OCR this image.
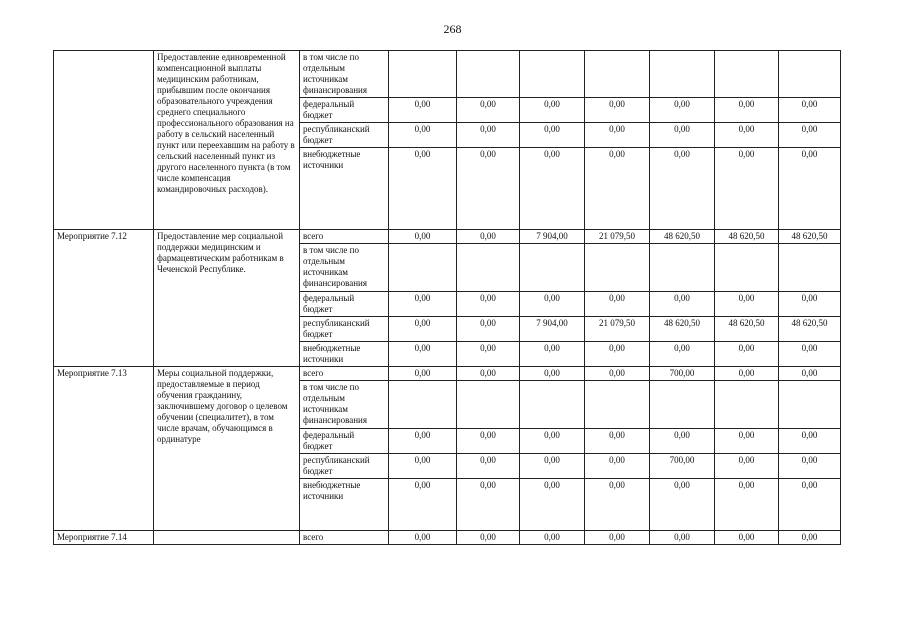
268
	Предоставление единовременной компенсационной выплаты медицинским работникам, прибывшим после окончания образовательного учреждения среднего специального профессионального образования на работу в сельский населенный пункт или переехавшим на работу в сельский населенный пункт из другого населенного пункта (в том числе компенсация командировочных расходов).	в том числе по отдельным источникам финансирования							
		федеральный бюджет	0,00	0,00	0,00	0,00	0,00	0,00	0,00
		республиканский бюджет	0,00	0,00	0,00	0,00	0,00	0,00	0,00
		внебюджетные источники	0,00	0,00	0,00	0,00	0,00	0,00	0,00
Мероприятие 7.12	Предоставление мер социальной поддержки медицинским и фармацевтическим работникам в Чеченской Республике.	всего	0,00	0,00	7 904,00	21 079,50	48 620,50	48 620,50	48 620,50
		в том числе по отдельным источникам финансирования							
		федеральный бюджет	0,00	0,00	0,00	0,00	0,00	0,00	0,00
		республиканский бюджет	0,00	0,00	7 904,00	21 079,50	48 620,50	48 620,50	48 620,50
		внебюджетные источники	0,00	0,00	0,00	0,00	0,00	0,00	0,00
Мероприятие 7.13	Меры социальной поддержки, предоставляемые в период обучения гражданину, заключившему договор о целевом обучении (специалитет), в том числе врачам, обучающимся в ординатуре	всего	0,00	0,00	0,00	0,00	700,00	0,00	0,00
		в том числе по отдельным источникам финансирования							
		федеральный бюджет	0,00	0,00	0,00	0,00	0,00	0,00	0,00
		республиканский бюджет	0,00	0,00	0,00	0,00	700,00	0,00	0,00
		внебюджетные источники	0,00	0,00	0,00	0,00	0,00	0,00	0,00
Мероприятие 7.14		всего	0,00	0,00	0,00	0,00	0,00	0,00	0,00
